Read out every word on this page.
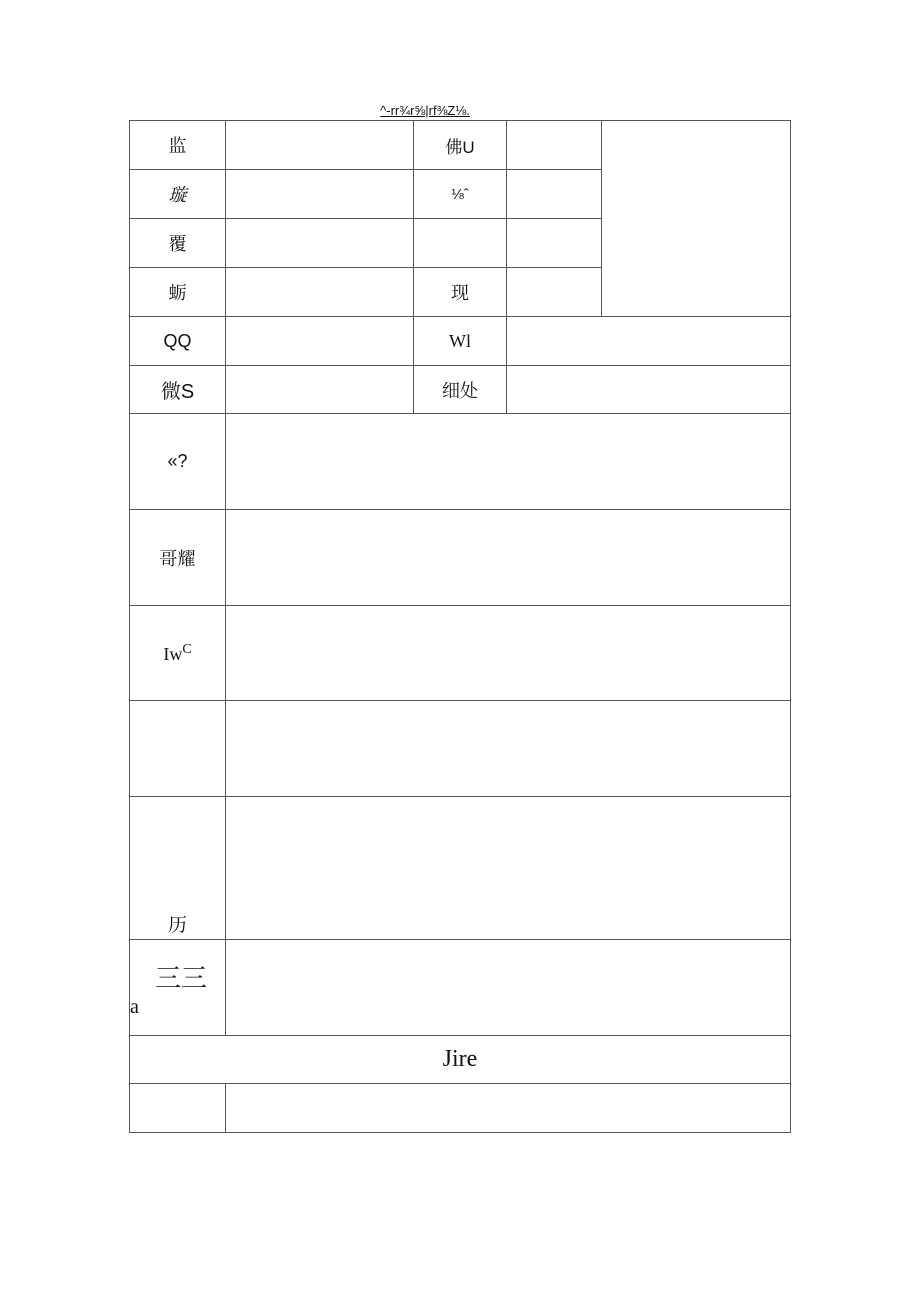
^-rr¾r⅝|rf⅜Z⅛.
监		佛U		
璇		⅛ˆ		
覆				
蛎		现		
QQ		Wl		
微S		细处		
«?				
哥耀				
$Iw^C$	

历				

三三
a				

Jire				
